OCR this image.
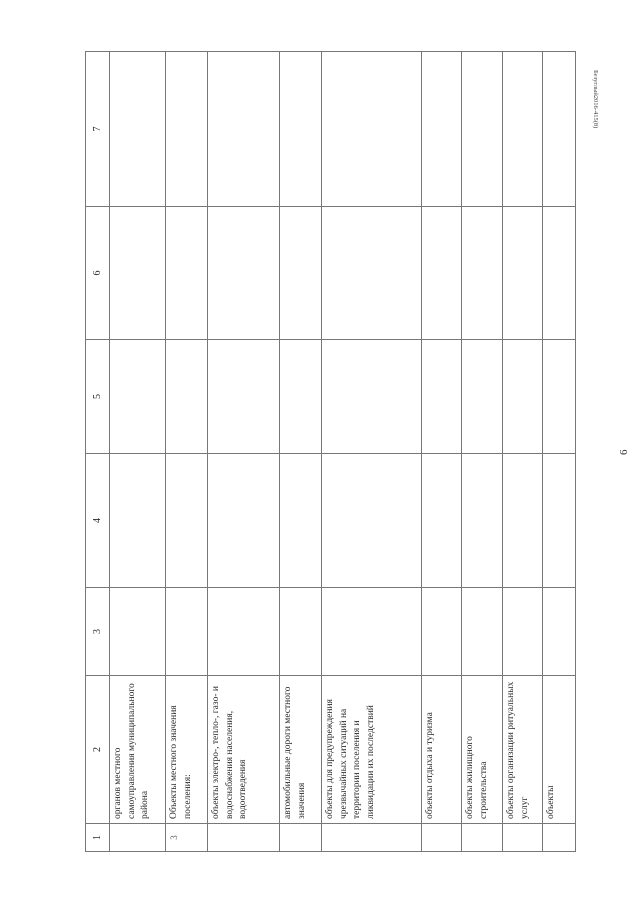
6
Безуглый2016-415(8)
1	2	3	4	5	6	7
	органов местного самоуправления муниципального района					
3	Объекты местного значения поселения:					
	объекты электро-, тепло-, газо- и водоснабжения населения, водоотведения					
	автомобильные дороги местного значения					
	объекты для предупреждения чрезвычайных ситуаций на территории поселения и ликвидации их последствий					
	объекты отдыха и туризма					
	объекты жилищного строительства					
	объекты организации ритуальных услуг					
	объекты					
